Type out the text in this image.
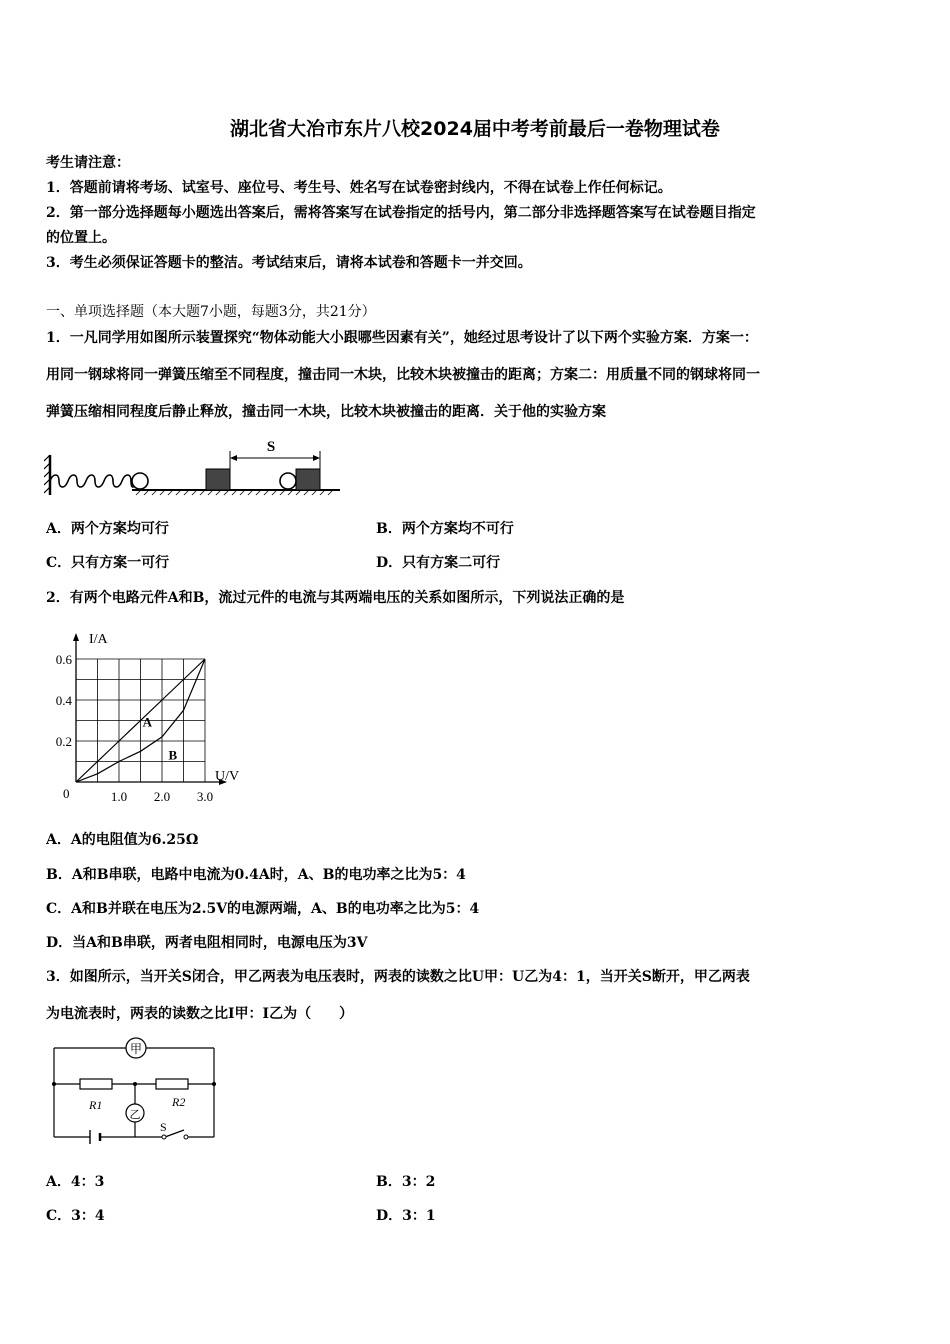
湖北省大冶市东片八校2024届中考考前最后一卷物理试卷
考生请注意：
1．答题前请将考场、试室号、座位号、考生号、姓名写在试卷密封线内，不得在试卷上作任何标记。
2．第一部分选择题每小题选出答案后，需将答案写在试卷指定的括号内，第二部分非选择题答案写在试卷题目指定
的位置上。
3．考生必须保证答题卡的整洁。考试结束后，请将本试卷和答题卡一并交回。
一、单项选择题（本大题7小题，每题3分，共21分）
1．一凡同学用如图所示装置探究“物体动能大小跟哪些因素有关”，她经过思考设计了以下两个实验方案．方案一：
用同一钢球将同一弹簧压缩至不同程度，撞击同一木块，比较木块被撞击的距离；方案二：用质量不同的钢球将同一
弹簧压缩相同程度后静止释放，撞击同一木块，比较木块被撞击的距离．关于他的实验方案
S
A．两个方案均可行	B．两个方案均不可行
C．只有方案一可行	D．只有方案二可行
2．有两个电路元件A和B，流过元件的电流与其两端电压的关系如图所示，下列说法正确的是
A
B
0.2
0.4
0.6
1.0 2.0 3.0
0
I/A
U/V
A．A的电阻值为6.25Ω
B．A和B串联，电路中电流为0.4A时，A、B的电功率之比为5：4
C．A和B并联在电压为2.5V的电源两端，A、B的电功率之比为5：4
D．当A和B串联，两者电阻相同时，电源电压为3V
3．如图所示，当开关S闭合，甲乙两表为电压表时，两表的读数之比U甲：U乙为4：1，当开关S断开，甲乙两表
为电流表时，两表的读数之比I甲：I乙为（　　）
甲
乙
R1	R2
S
A．4：3	B．3：2
C．3：4	D．3：1
